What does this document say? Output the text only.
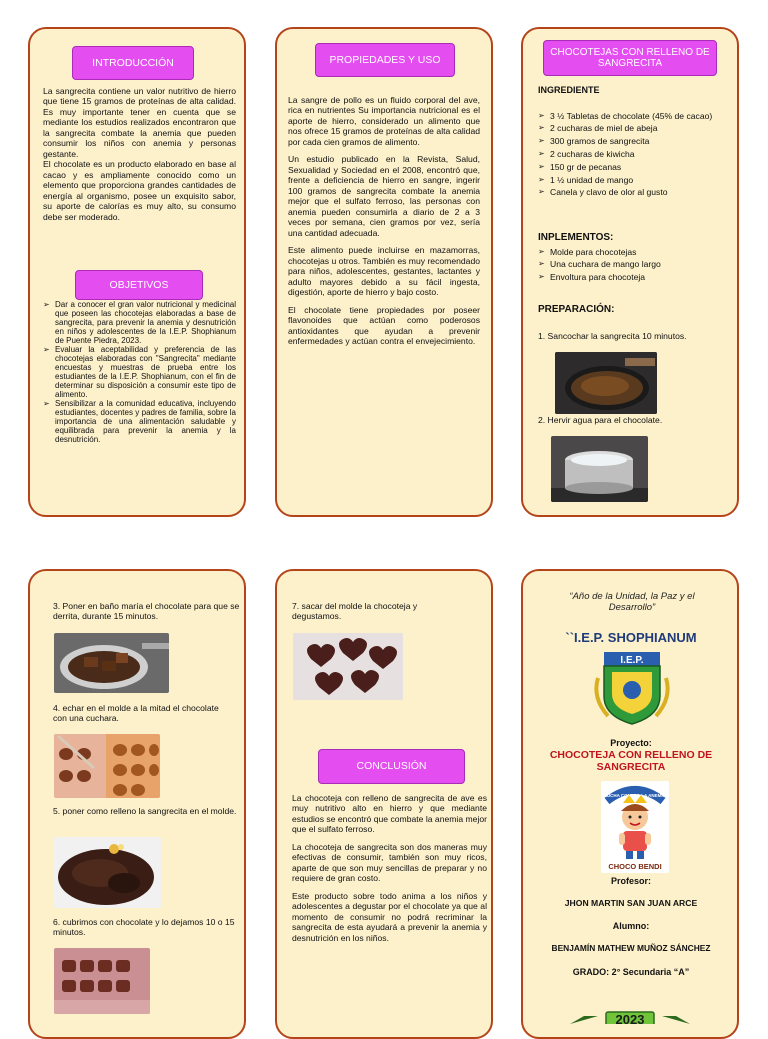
INTRODUCCIÓN

La sangrecita contiene un valor nutritivo de hierro que tiene 15 gramos de proteínas de alta calidad. Es muy importante tener en cuenta que se mediante los estudios realizados encontraron que la sangrecita combate la anemia que pueden consumir los niños con anemia y personas gestante.

El chocolate es un producto elaborado en base al cacao y es ampliamente conocido como un elemento que proporciona grandes cantidades de energía al organismo, posee un exquisito sabor, su aporte de calorías es muy alto, su consumo debe ser moderado.

OBJETIVOS
➢ Dar a conocer el gran valor nutricional y medicinal que poseen las chocotejas elaboradas a base de sangrecita, para prevenir la anemia y desnutrición en niños y adolescentes de la I.E.P. Shophianum de Puente Piedra, 2023.
➢ Evaluar la aceptabilidad y preferencia de las chocotejas elaboradas con "Sangrecita" mediante encuestas y muestras de prueba entre los estudiantes de la I.E.P. Shophianum, con el fin de determinar su disposición a consumir este tipo de alimento.
➢ Sensibilizar a la comunidad educativa, incluyendo estudiantes, docentes y padres de familia, sobre la importancia de una alimentación saludable y equilibrada para prevenir la anemia y la desnutrición.
PROPIEDADES Y USO

La sangre de pollo es un fluido corporal del ave, rica en nutrientes Su importancia nutricional es el aporte de hierro, considerado un alimento que nos ofrece 15 gramos de proteínas de alta calidad por cada cien gramos de alimento.

Un estudio publicado en la Revista, Salud, Sexualidad y Sociedad en el 2008, encontró que, frente a deficiencia de hierro en sangre, ingerir 100 gramos de sangrecita combate la anemia mejor que el sulfato ferroso, las personas con anemia pueden consumirla a diario de 2 a 3 veces por semana, cien gramos por vez, sería una cantidad adecuada.

Este alimento puede incluirse en mazamorras, chocotejas u otros. También es muy recomendado para niños, adolescentes, gestantes, lactantes y adulto mayores debido a su fácil ingesta, digestión, aporte de hierro y bajo costo.

El chocolate tiene propiedades por poseer flavonoides que actúan como poderosos antioxidantes que ayudan a prevenir enfermedades y actúan contra el envejecimiento.

CHOCOTEJAS CON RELLENO DE SANGRECITA
INGREDIENTE
➢ 3 ½ Tabletas de chocolate (45% de cacao)
➢ 2 cucharas de miel de abeja
➢ 300 gramos de sangrecita
➢ 2 cucharas de kiwicha
➢ 150 gr de pecanas
➢ 1 ½ unidad de mango
➢ Canela y clavo de olor al gusto
INPLEMENTOS:
➢ Molde para chocotejas
➢ Una cuchara de mango largo
➢ Envoltura para chocoteja
PREPARACIÓN:
1. Sancochar la sangrecita 10 minutos.
2. Hervir agua para el chocolate.
3. Poner en baño maría el chocolate para que se derrita, durante 15 minutos.
4. echar en el molde a la mitad el chocolate con una cuchara.
5. poner como relleno la sangrecita en el molde.
6. cubrimos con chocolate y lo dejamos 10 o 15 minutos.
7. sacar del molde la chocoteja y degustamos.
CONCLUSIÓN

La chocoteja con relleno de sangrecita de ave es muy nutritivo alto en hierro y que mediante estudios se encontró que combate la anemia mejor que el sulfato ferroso.

La chocoteja de sangrecita son dos maneras muy efectivas de consumir, también son muy ricos, aparte de que son muy sencillas de preparar y no requiere de gran costo.

Este producto sobre todo anima a los niños y adolescentes a degustar por el chocolate ya que al momento de consumir no podrá recriminar la sangrecita de esta ayudará a prevenir la anemia y desnutrición en los niños.

“Año de la Unidad, la Paz y el Desarrollo”
``I.E.P. SHOPHIANUM
I.E.P.
Proyecto:
CHOCOTEJA CON RELLENO DE SANGRECITA
LUCHA CONTRA LA ANEMIA
CHOCO BENDI
Profesor:
JHON MARTIN SAN JUAN ARCE
Alumno:
BENJAMÍN MATHEW MUÑOZ SÁNCHEZ
GRADO: 2° Secundaria “A”
2023
